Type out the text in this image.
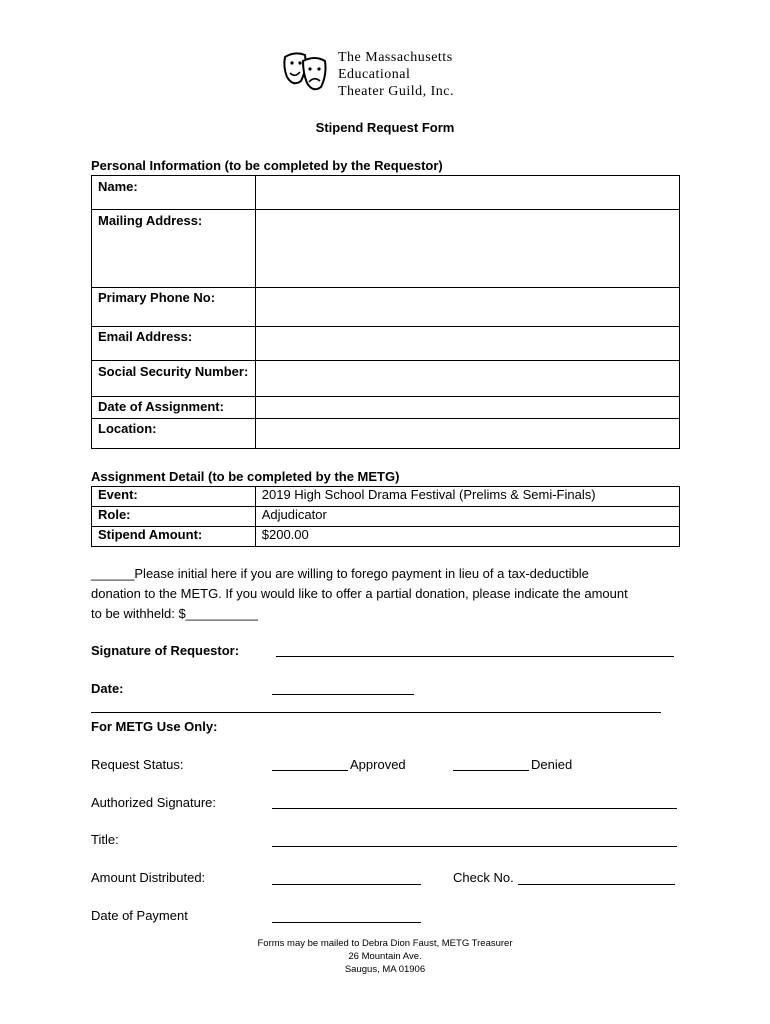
The Massachusetts
Educational
Theater Guild, Inc.
Stipend Request Form
Personal Information (to be completed by the Requestor)
Name:	
Mailing Address:	
Primary Phone No:	
Email Address:	
Social Security Number:	
Date of Assignment:	
Location:	
Assignment Detail (to be completed by the METG)
Event:	2019 High School Drama Festival (Prelims & Semi-Finals)
Role:	Adjudicator
Stipend Amount:	$200.00
______Please initial here if you are willing to forego payment in lieu of a tax-deductible
donation to the METG. If you would like to offer a partial donation, please indicate the amount
to be withheld: $__________
Signature of Requestor:
Date:
For METG Use Only:
Request Status:	Approved	Denied
Authorized Signature:
Title:
Amount Distributed:	Check No.
Date of Payment
Forms may be mailed to Debra Dion Faust, METG Treasurer
26 Mountain Ave.
Saugus, MA 01906
